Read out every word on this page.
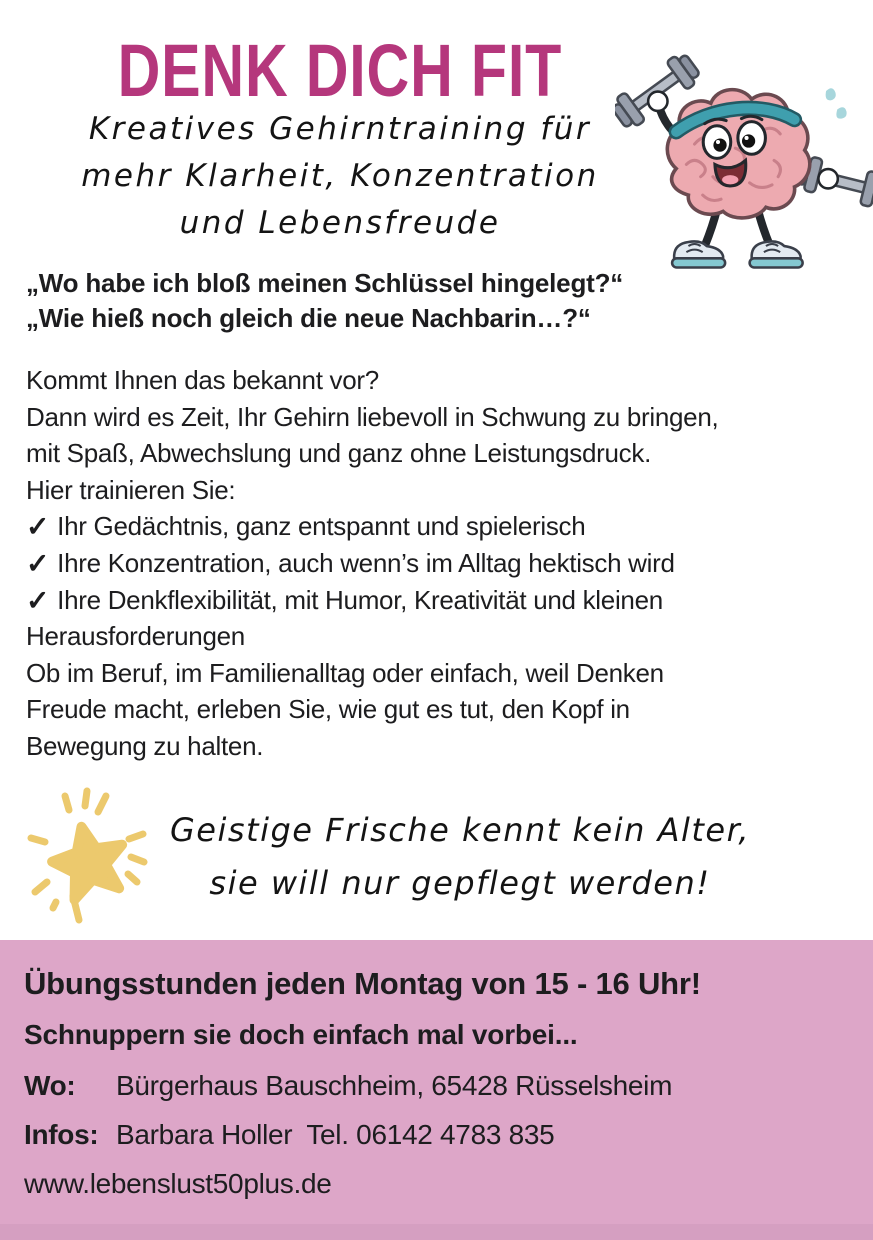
DENK DICH FIT
Kreatives Gehirntraining für
mehr Klarheit, Konzentration
und Lebensfreude
„Wo habe ich bloß meinen Schlüssel hingelegt?“
„Wie hieß noch gleich die neue Nachbarin…?“
Kommt Ihnen das bekannt vor?
Dann wird es Zeit, Ihr Gehirn liebevoll in Schwung zu bringen,
mit Spaß, Abwechslung und ganz ohne Leistungsdruck.
Hier trainieren Sie:
✓ Ihr Gedächtnis, ganz entspannt und spielerisch
✓ Ihre Konzentration, auch wenn’s im Alltag hektisch wird
✓ Ihre Denkflexibilität, mit Humor, Kreativität und kleinen
Herausforderungen
Ob im Beruf, im Familienalltag oder einfach, weil Denken
Freude macht, erleben Sie, wie gut es tut, den Kopf in
Bewegung zu halten.
Geistige Frische kennt kein Alter,
sie will nur gepflegt werden!

Übungsstunden jeden Montag von 15 - 16 Uhr!

Schnuppern sie doch einfach mal vorbei...

Wo: Bürgerhaus Bauschheim, 65428 Rüsselsheim

Infos: Barbara Holler Tel. 06142 4783 835

www.lebenslust50plus.de
